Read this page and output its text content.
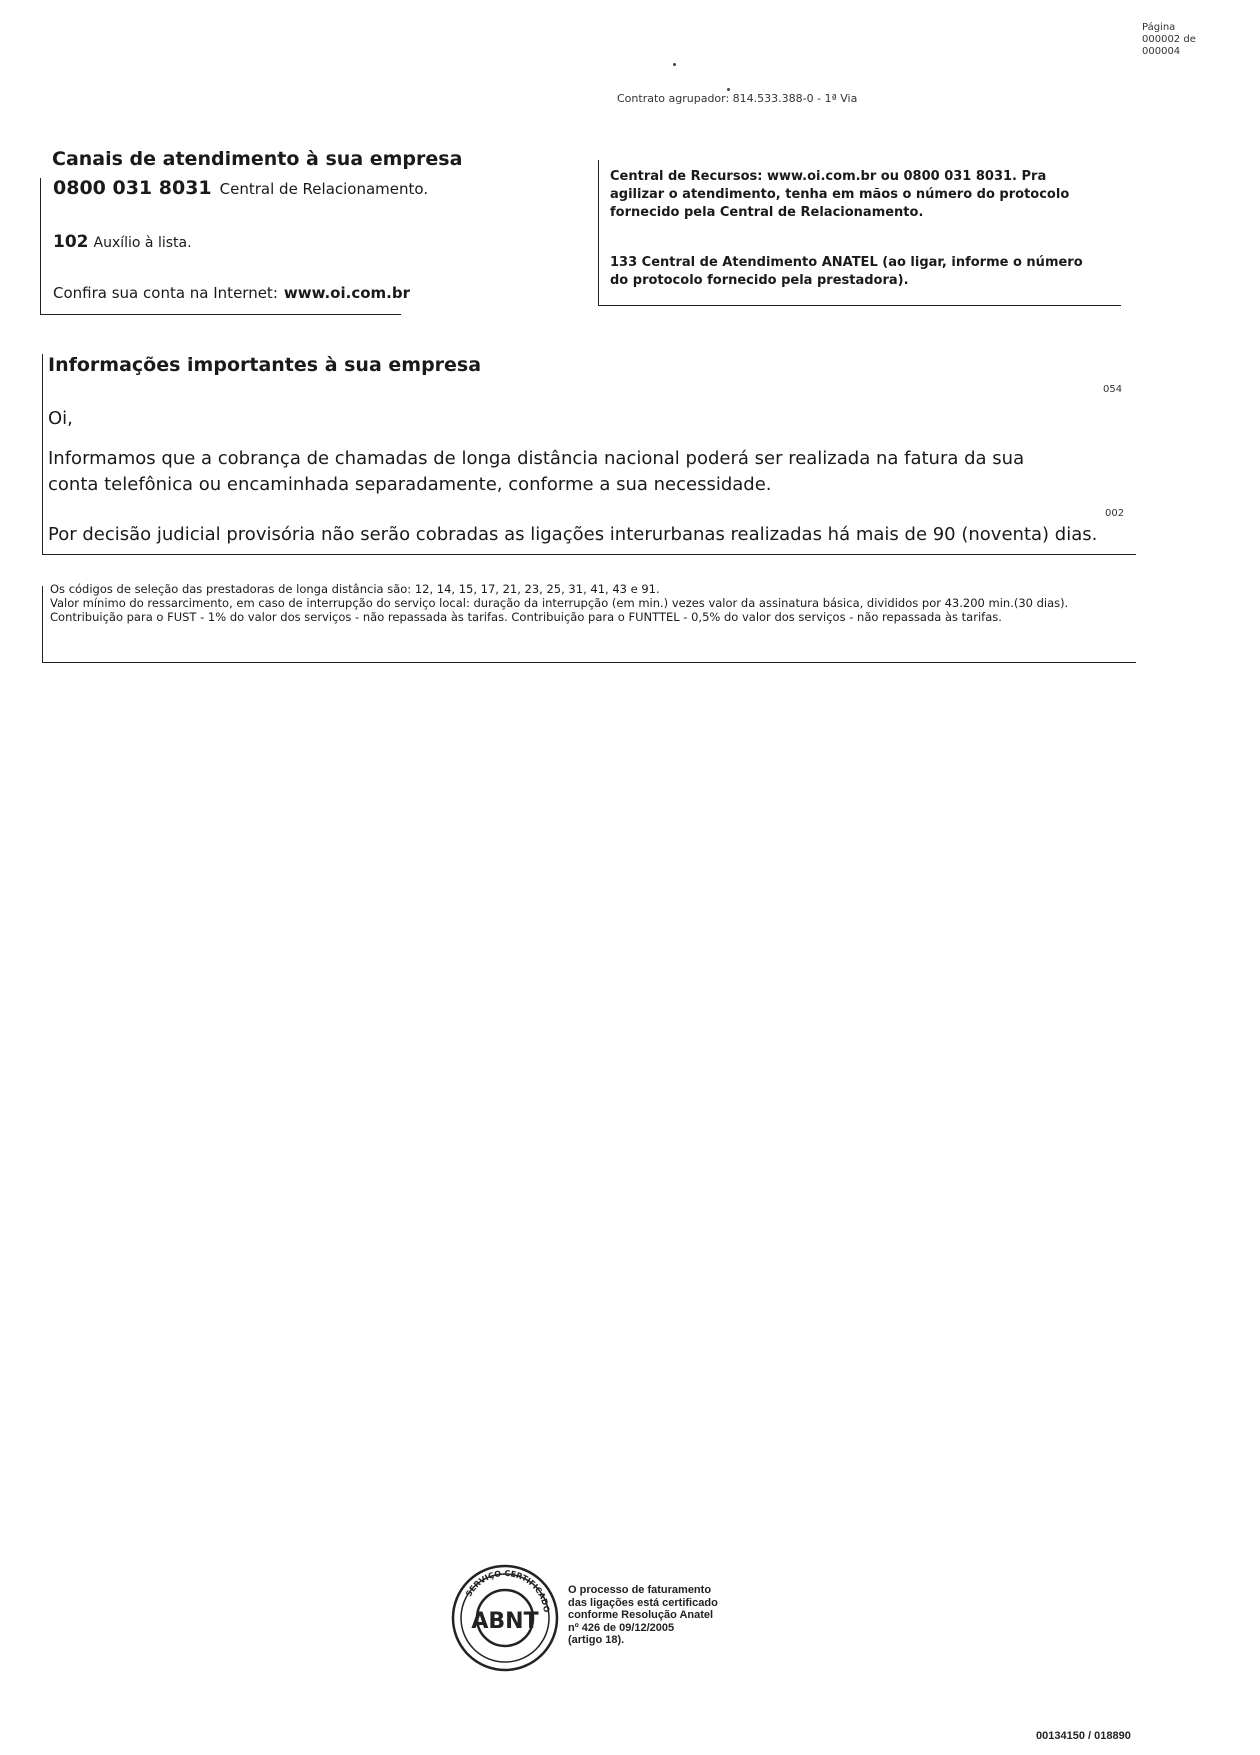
Página
000002 de
000004
Contrato agrupador: 814.533.388-0 - 1ª Via
Canais de atendimento à sua empresa
0800 031 8031 Central de Relacionamento.
102 Auxílio à lista.
Confira sua conta na Internet: www.oi.com.br
Central de Recursos: www.oi.com.br ou 0800 031 8031. Pra agilizar o atendimento, tenha em mãos o número do protocolo fornecido pela Central de Relacionamento.
133 Central de Atendimento ANATEL (ao ligar, informe o número do protocolo fornecido pela prestadora).
Informações importantes à sua empresa
054
Oi,
Informamos que a cobrança de chamadas de longa distância nacional poderá ser realizada na fatura da sua conta telefônica ou encaminhada separadamente, conforme a sua necessidade.
002
Por decisão judicial provisória não serão cobradas as ligações interurbanas realizadas há mais de 90 (noventa) dias.
Os códigos de seleção das prestadoras de longa distância são: 12, 14, 15, 17, 21, 23, 25, 31, 41, 43 e 91.
Valor mínimo do ressarcimento, em caso de interrupção do serviço local: duração da interrupção (em min.) vezes valor da assinatura básica, divididos por 43.200 min.(30 dias).
Contribuição para o FUST - 1% do valor dos serviços - não repassada às tarifas. Contribuição para o FUNTTEL - 0,5% do valor dos serviços - não repassada às tarifas.
SERVIÇO CERTIFICADO
ABNT
O processo de faturamento
das ligações está certificado
conforme Resolução Anatel
nº 426 de 09/12/2005
(artigo 18).
00134150 / 018890
